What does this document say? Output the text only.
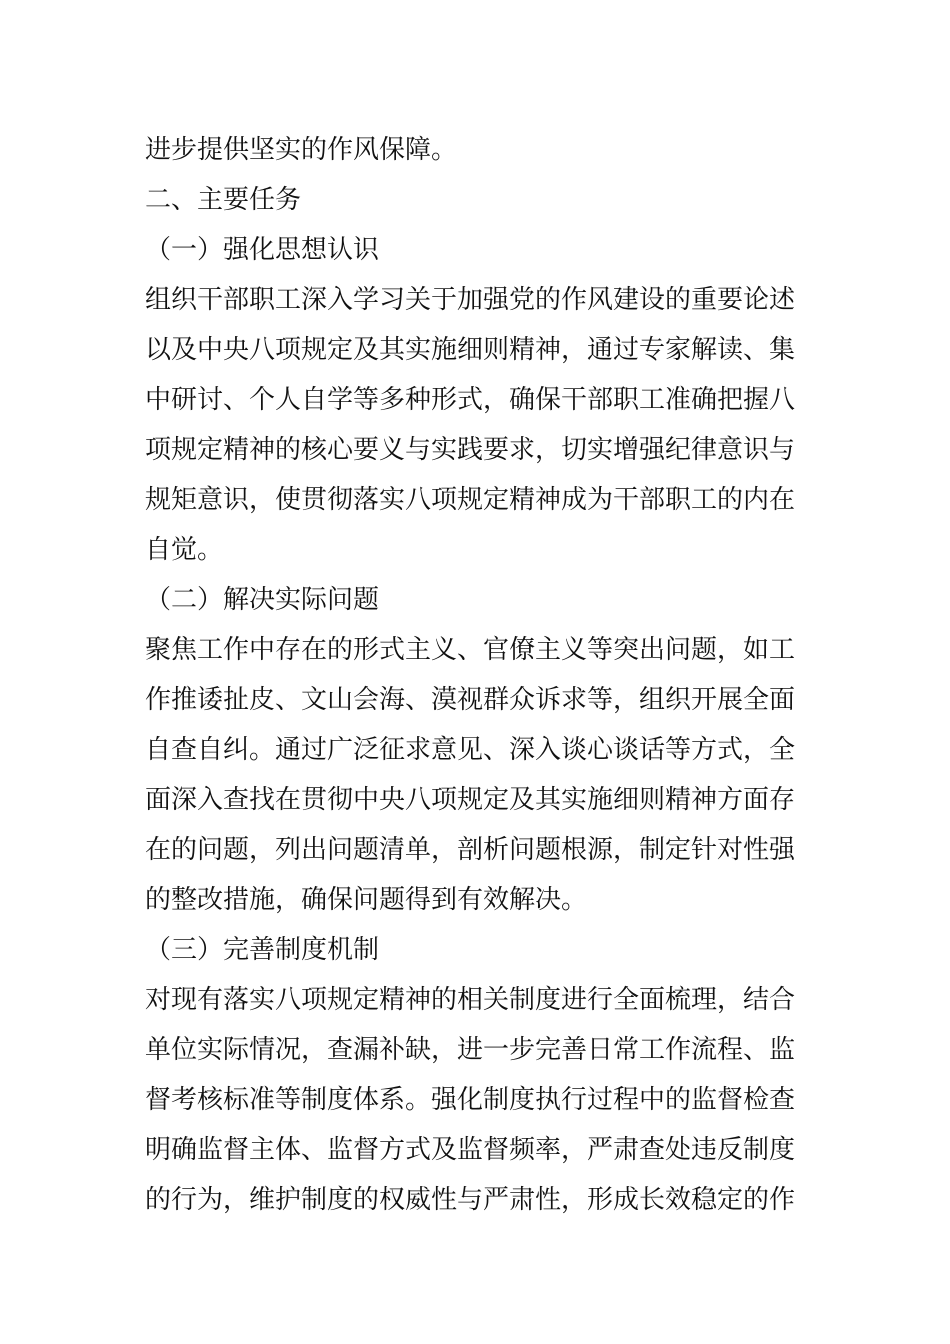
进步提供坚实的作风保障。
二、主要任务
（一）强化思想认识
组织干部职工深入学习关于加强党的作风建设的重要论述
以及中央八项规定及其实施细则精神，通过专家解读、集
中研讨、个人自学等多种形式，确保干部职工准确把握八
项规定精神的核心要义与实践要求，切实增强纪律意识与
规矩意识，使贯彻落实八项规定精神成为干部职工的内在
自觉。
（二）解决实际问题
聚焦工作中存在的形式主义、官僚主义等突出问题，如工
作推诿扯皮、文山会海、漠视群众诉求等，组织开展全面
自查自纠。通过广泛征求意见、深入谈心谈话等方式，全
面深入查找在贯彻中央八项规定及其实施细则精神方面存
在的问题，列出问题清单，剖析问题根源，制定针对性强
的整改措施，确保问题得到有效解决。
（三）完善制度机制
对现有落实八项规定精神的相关制度进行全面梳理，结合
单位实际情况，查漏补缺，进一步完善日常工作流程、监
督考核标准等制度体系。强化制度执行过程中的监督检查
明确监督主体、监督方式及监督频率，严肃查处违反制度
的行为，维护制度的权威性与严肃性，形成长效稳定的作
